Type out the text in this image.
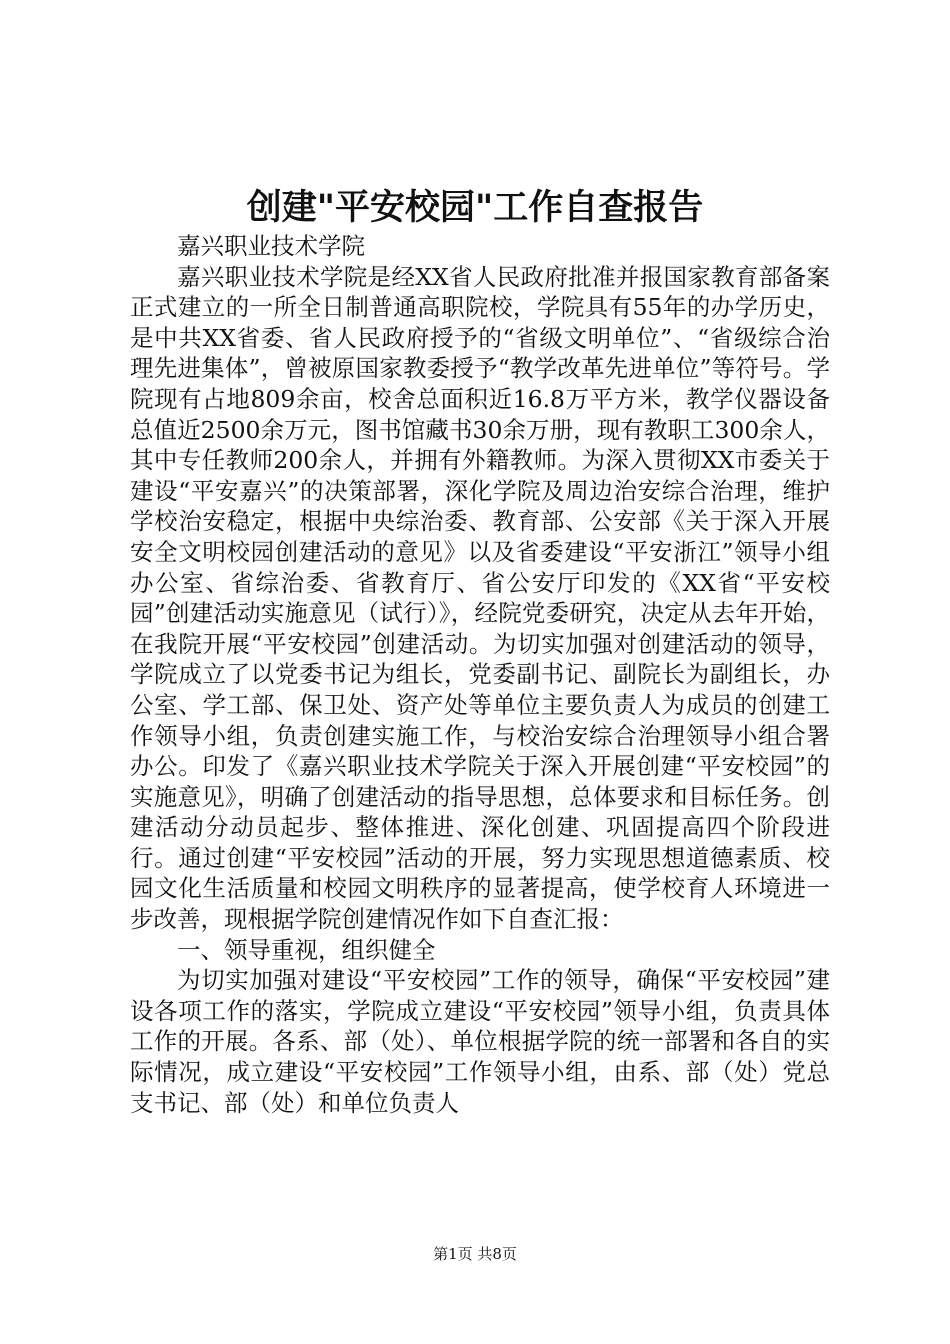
创建"平安校园"工作自查报告

嘉兴职业技术学院

嘉兴职业技术学院是经XX省人民政府批准并报国家教育部备案正式建立的一所全日制普通高职院校，学院具有55年的办学历史，是中共XX省委、省人民政府授予的“省级文明单位”、“省级综合治理先进集体”，曾被原国家教委授予“教学改革先进单位”等符号。学院现有占地809余亩，校舍总面积近16.8万平方米，教学仪器设备总值近2500余万元，图书馆藏书30余万册，现有教职工300余人，其中专任教师200余人，并拥有外籍教师。为深入贯彻XX市委关于建设“平安嘉兴”的决策部署，深化学院及周边治安综合治理，维护学校治安稳定，根据中央综治委、教育部、公安部《关于深入开展安全文明校园创建活动的意见》以及省委建设“平安浙江”领导小组办公室、省综治委、省教育厅、省公安厅印发的《XX省“平安校园”创建活动实施意见（试行）》，经院党委研究，决定从去年开始，在我院开展“平安校园”创建活动。为切实加强对创建活动的领导，学院成立了以党委书记为组长，党委副书记、副院长为副组长，办公室、学工部、保卫处、资产处等单位主要负责人为成员的创建工作领导小组，负责创建实施工作，与校治安综合治理领导小组合署办公。印发了《嘉兴职业技术学院关于深入开展创建“平安校园”的实施意见》，明确了创建活动的指导思想，总体要求和目标任务。创建活动分动员起步、整体推进、深化创建、巩固提高四个阶段进行。通过创建“平安校园”活动的开展，努力实现思想道德素质、校园文化生活质量和校园文明秩序的显著提高，使学校育人环境进一步改善，现根据学院创建情况作如下自查汇报：

一、领导重视，组织健全

为切实加强对建设“平安校园”工作的领导，确保“平安校园”建设各项工作的落实，学院成立建设“平安校园”领导小组，负责具体工作的开展。各系、部（处）、单位根据学院的统一部署和各自的实际情况，成立建设“平安校园”工作领导小组，由系、部（处）党总支书记、部（处）和单位负责人

第1页 共8页
